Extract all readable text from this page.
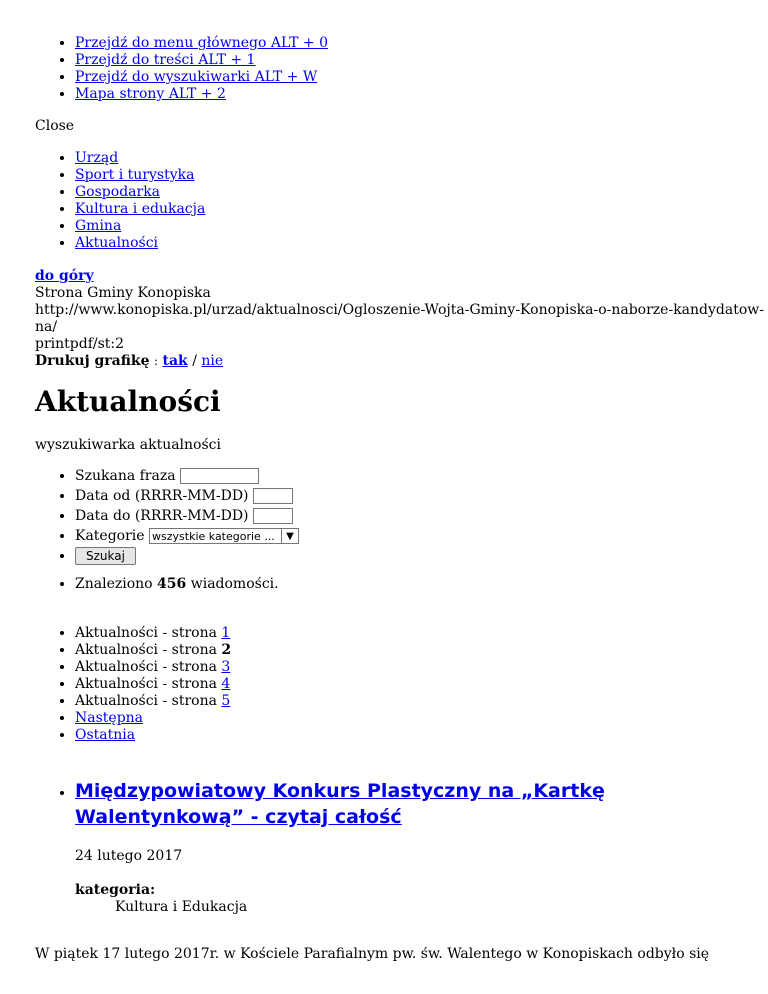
• Przejdź do menu głównego ALT + 0
• Przejdź do treści ALT + 1
• Przejdź do wyszukiwarki ALT + W
• Mapa strony ALT + 2
Close
• Urząd
• Sport i turystyka
• Gospodarka
• Kultura i edukacja
• Gmina
• Aktualności
do góry
Strona Gminy Konopiska
http://www.konopiska.pl/urzad/aktualnosci/Ogloszenie-Wojta-Gminy-Konopiska-o-naborze-kandydatow-na/
printpdf/st:2
Drukuj grafikę : tak / nie
Aktualności
wyszukiwarka aktualności
• Szukana fraza
• Data od (RRRR-MM-DD)
• Data do (RRRR-MM-DD)
• Kategorie wszystkie kategorie ...	▼
• Szukaj
• Znaleziono 456 wiadomości.
• Aktualności - strona 1
• Aktualności - strona 2
• Aktualności - strona 3
• Aktualności - strona 4
• Aktualności - strona 5
• Następna
• Ostatnia
• Międzypowiatowy Konkurs Plastyczny na „Kartkę Walentynkową” - czytaj całość
24 lutego 2017
kategoria:
Kultura i Edukacja
W piątek 17 lutego 2017r. w Kościele Parafialnym pw. św. Walentego w Konopiskach odbyło się
